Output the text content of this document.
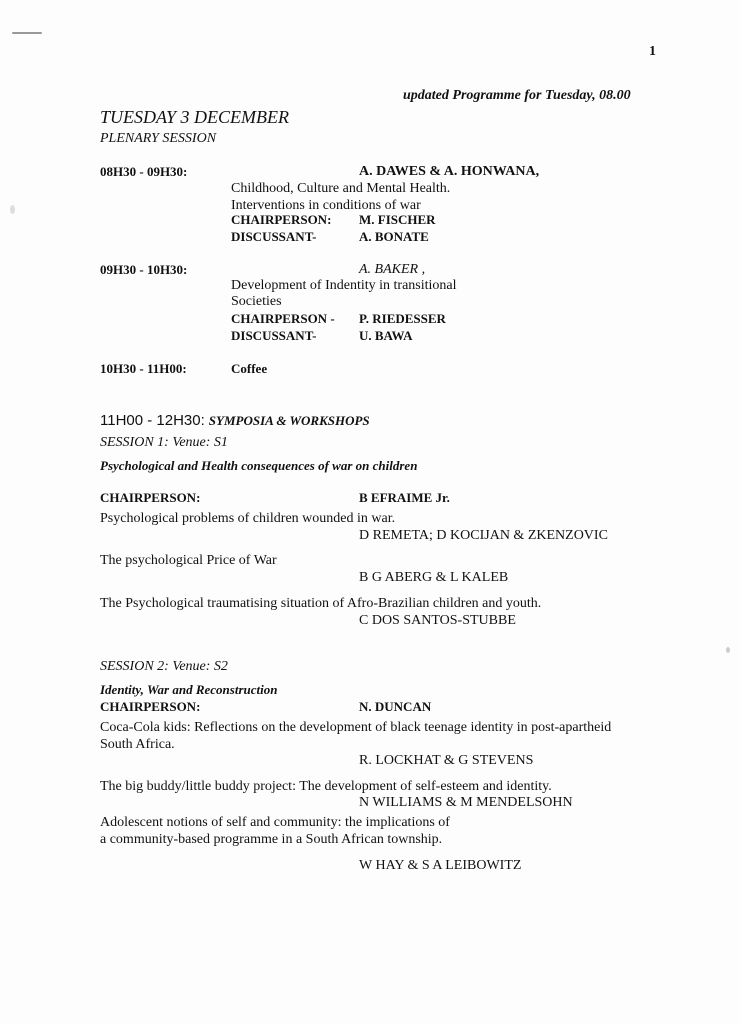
1
updated Programme for Tuesday, 08.00
TUESDAY 3 DECEMBER
PLENARY SESSION
08H30 - 09H30:	A. DAWES & A. HONWANA,
Childhood, Culture and Mental Health.
Interventions in conditions of war
CHAIRPERSON: M. FISCHER
DISCUSSANT-	A. BONATE
09H30 - 10H30:	A. BAKER ,
Development of Indentity in transitional
Societies
CHAIRPERSON - P. RIEDESSER
DISCUSSANT-	U. BAWA
10H30 - 11H00:	Coffee
11H00 - 12H30: SYMPOSIA & WORKSHOPS
SESSION 1: Venue: S1
Psychological and Health consequences of war on children
CHAIRPERSON:	B EFRAIME Jr.
Psychological problems of children wounded in war.
D REMETA; D KOCIJAN & ZKENZOVIC
The psychological Price of War
B G ABERG & L KALEB
The Psychological traumatising situation of Afro-Brazilian children and youth.
C DOS SANTOS-STUBBE
SESSION 2: Venue: S2
Identity, War and Reconstruction
CHAIRPERSON:	N. DUNCAN
Coca-Cola kids: Reflections on the development of black teenage identity in post-apartheid
South Africa.
R. LOCKHAT & G STEVENS
The big buddy/little buddy project: The development of self-esteem and identity.
N WILLIAMS & M MENDELSOHN
Adolescent notions of self and community: the implications of
a community-based programme in a South African township.
W HAY & S A LEIBOWITZ
